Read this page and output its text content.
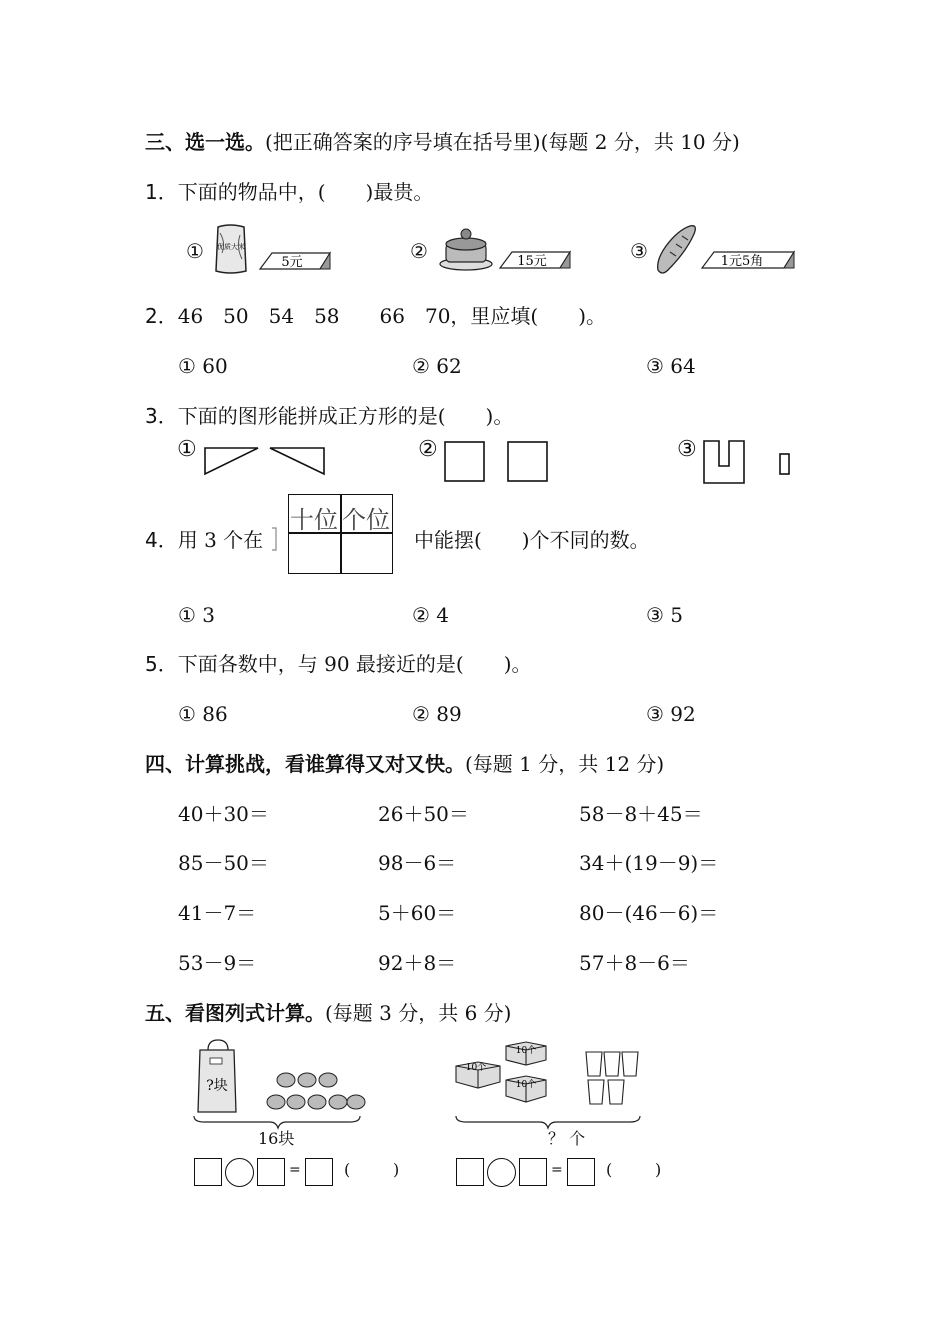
三、选一选。(把正确答案的序号填在括号里)(每题 2 分，共 10 分)
1．下面的物品中，(　　)最贵。
① 优质大米
5元	②	15元	③	1元5角
2．46　50　54　58　　66　70，里应填(　　)。
① 60	② 62	③ 64
3．下面的图形能拼成正方形的是(　　)。
①	②	③
4．用 3 个在
十位 个位
中能摆(　　)个不同的数。
① 3	② 4	③ 5
5．下面各数中，与 90 最接近的是(　　)。
① 86	② 89	③ 92
四、计算挑战，看谁算得又对又快。(每题 1 分，共 12 分)
40＋30＝	26＋50＝	58－8＋45＝
85－50＝	98－6＝	34＋(19－9)＝
41－7＝	5＋60＝	80－(46－6)＝
53－9＝	92＋8＝	57＋8－6＝
五、看图列式计算。(每题 3 分，共 6 分)
?块
16块
10个
10个
10个
？ 个
=	(	)	=	(	)
